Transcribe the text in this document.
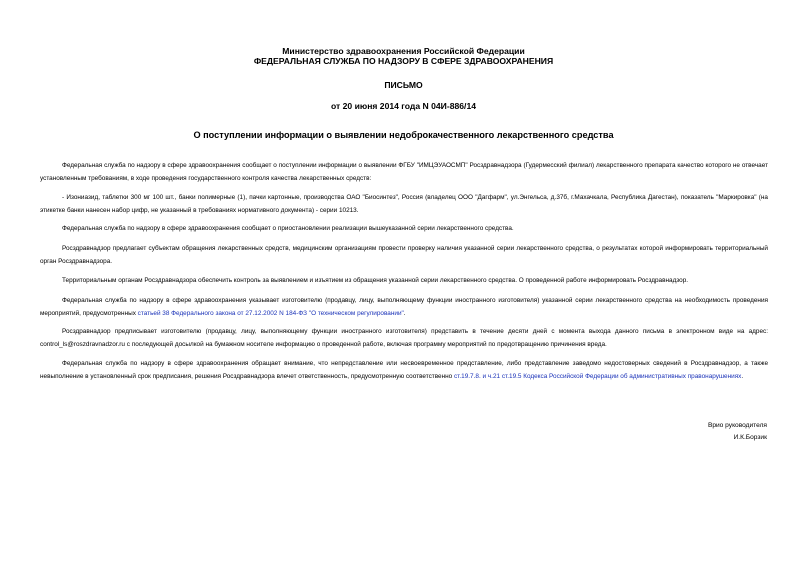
Министерство здравоохранения Российской Федерации
ФЕДЕРАЛЬНАЯ СЛУЖБА ПО НАДЗОРУ В СФЕРЕ ЗДРАВООХРАНЕНИЯ
ПИСЬМО
от 20 июня 2014 года N 04И-886/14
О поступлении информации о выявлении недоброкачественного лекарственного средства
Федеральная служба по надзору в сфере здравоохранения сообщает о поступлении информации о выявлении ФГБУ "ИМЦЭУАОСМП" Росздравнадзора (Гудермесский филиал) лекарственного препарата качество которого не отвечает установленным требованиям, в ходе проведения государственного контроля качества лекарственных средств:
- Изониазид, таблетки 300 мг 100 шт., банки полимерные (1), пачки картонные, производства ОАО "Биосинтез", Россия (владелец ООО "Дагфарм", ул.Энгельса, д.37б, г.Махачкала, Республика Дагестан), показатель "Маркировка" (на этикетке банки нанесен набор цифр, не указанный в требованиях нормативного документа) - серии 10213.
Федеральная служба по надзору в сфере здравоохранения сообщает о приостановлении реализации вышеуказанной серии лекарственного средства.
Росздравнадзор предлагает субъектам обращения лекарственных средств, медицинским организациям провести проверку наличия указанной серии лекарственного средства, о результатах которой информировать территориальный орган Росздравнадзора.
Территориальным органам Росздравнадзора обеспечить контроль за выявлением и изъятием из обращения указанной серии лекарственного средства. О проведенной работе информировать Росздравнадзор.
Федеральная служба по надзору в сфере здравоохранения указывает изготовителю (продавцу, лицу, выполняющему функции иностранного изготовителя) указанной серии лекарственного средства на необходимость проведения мероприятий, предусмотренных статьей 38 Федерального закона от 27.12.2002 N 184-ФЗ "О техническом регулировании".
Росздравнадзор предписывает изготовителю (продавцу, лицу, выполняющему функции иностранного изготовителя) представить в течение десяти дней с момента выхода данного письма в электронном виде на адрес: control_ls@roszdravnadzor.ru с последующей досылкой на бумажном носителе информацию о проведенной работе, включая программу мероприятий по предотвращению причинения вреда.
Федеральная служба по надзору в сфере здравоохранения обращает внимание, что непредставление или несвоевременное представление, либо представление заведомо недостоверных сведений в Росздравнадзор, а также невыполнение в установленный срок предписания, решения Росздравнадзора влечет ответственность, предусмотренную соответственно ст.19.7.8. и ч.21 ст.19.5 Кодекса Российской Федерации об административных правонарушениях.
Врио руководителя
И.К.Борзик
